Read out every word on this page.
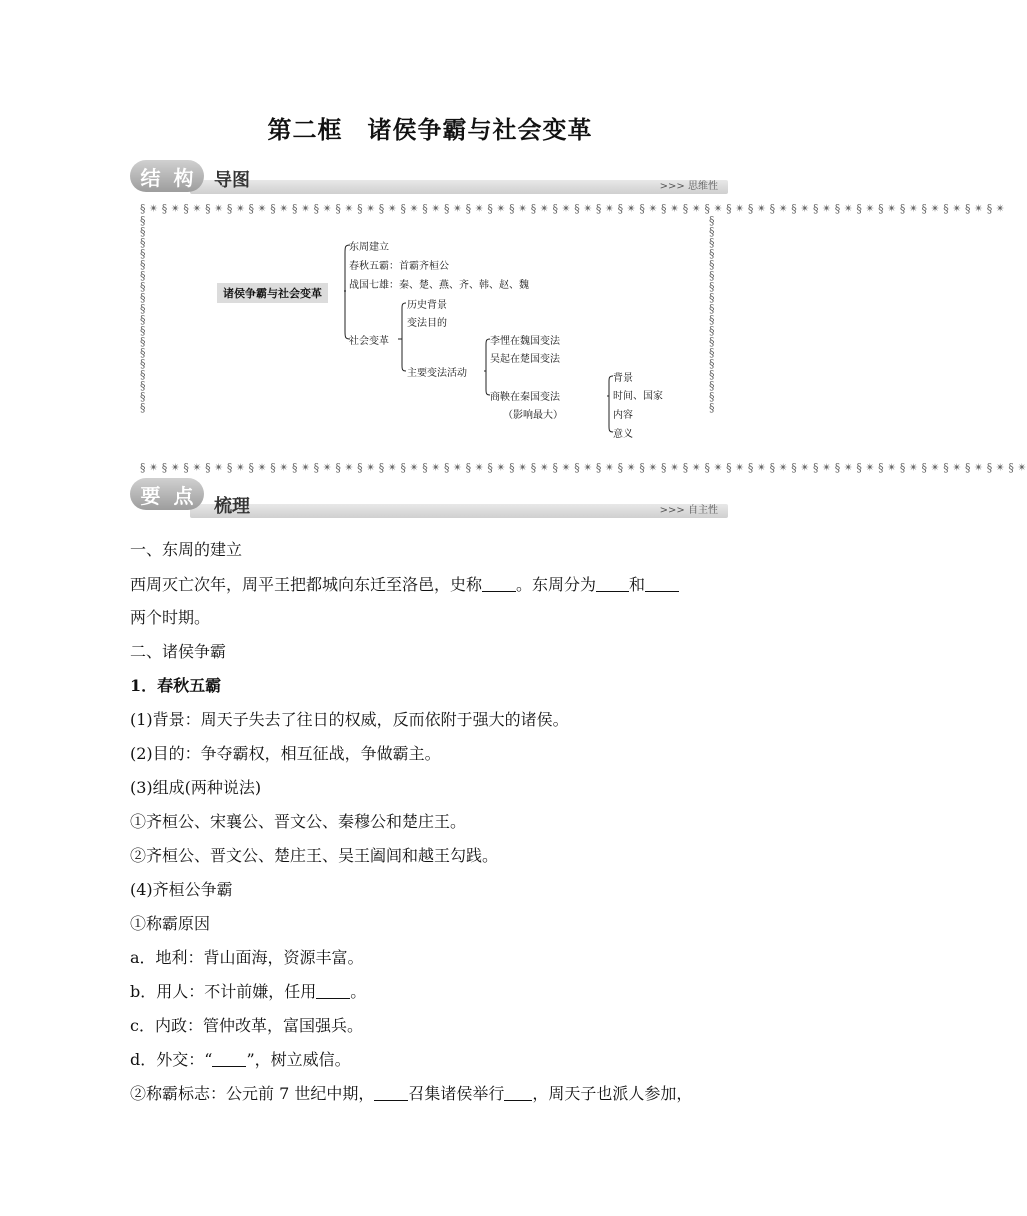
第二框　诸侯争霸与社会变革
结 构 导图	>>> 思维性
§ ✴ § ✴ § ✴ § ✴ § ✴ § ✴ § ✴ § ✴ § ✴ § ✴ § ✴ § ✴ § ✴ § ✴ § ✴ § ✴ § ✴ § ✴ § ✴ § ✴ § ✴ § ✴ § ✴ § ✴ § ✴ § ✴ § ✴ § ✴ § ✴ § ✴ § ✴ § ✴ § ✴ § ✴ § ✴ § ✴ § ✴ § ✴ § ✴ § ✴
§ ✴ § ✴ § ✴ § ✴ § ✴ § ✴ § ✴ § ✴ § ✴ § ✴ § ✴ § ✴ § ✴ § ✴ § ✴ § ✴ § ✴ § ✴ § ✴ § ✴ § ✴ § ✴ § ✴ § ✴ § ✴ § ✴ § ✴ § ✴ § ✴ § ✴ § ✴ § ✴ § ✴ § ✴ § ✴ § ✴ § ✴ § ✴ § ✴ § ✴ § ✴
§ § § § § § § § § § § § § § § § § §
§ § § § § § § § § § § § § § § § § §
诸侯争霸与社会变革
东周建立
春秋五霸：首霸齐桓公
战国七雄：秦、楚、燕、齐、韩、赵、魏
社会变革
历史背景
变法目的
主要变法活动
李悝在魏国变法
吴起在楚国变法
商鞅在秦国变法
（影响最大）
背景
时间、国家
内容
意义
要 点 梳理	>>> 自主性
一、东周的建立
西周灭亡次年，周平王把都城向东迁至洛邑，史称 。东周分为 和
两个时期。
二、诸侯争霸
1．春秋五霸
(1)背景：周天子失去了往日的权威，反而依附于强大的诸侯。
(2)目的：争夺霸权，相互征战，争做霸主。
(3)组成(两种说法)
①齐桓公、宋襄公、晋文公、秦穆公和楚庄王。
②齐桓公、晋文公、楚庄王、吴王阖闾和越王勾践。
(4)齐桓公争霸
①称霸原因
a．地利：背山面海，资源丰富。
b．用人：不计前嫌，任用 。
c．内政：管仲改革，富国强兵。
d．外交：“ ”，树立威信。
②称霸标志：公元前 7 世纪中期， 召集诸侯举行 ，周天子也派人参加，
